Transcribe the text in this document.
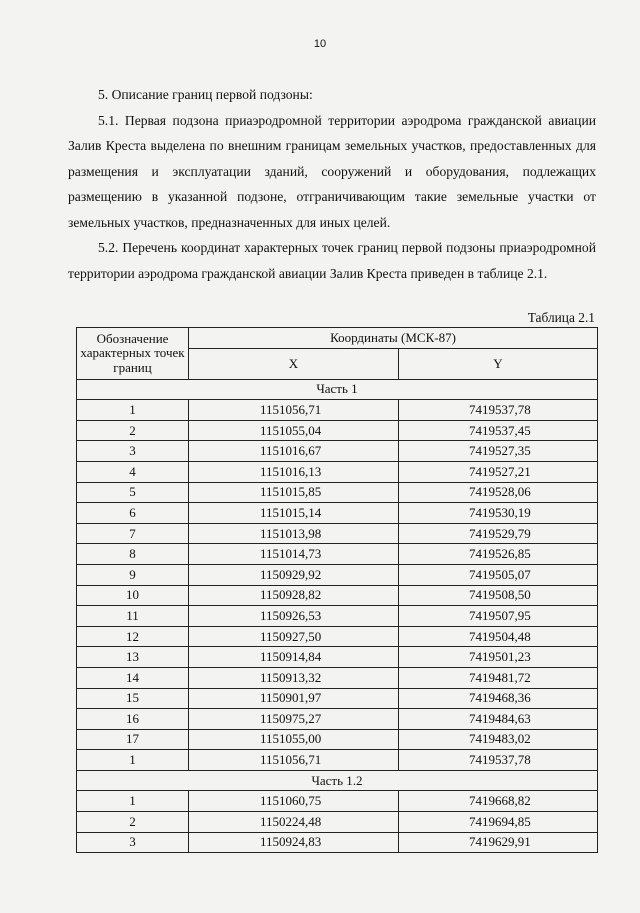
10

5. Описание границ первой подзоны:

5.1. Первая подзона приаэродромной территории аэродрома гражданской авиации Залив Креста выделена по внешним границам земельных участков, предоставленных для размещения и эксплуатации зданий, сооружений и оборудования, подлежащих размещению в указанной подзоне, отграничивающим такие земельные участки от земельных участков, предназначенных для иных целей.

5.2. Перечень координат характерных точек границ первой подзоны приаэродромной территории аэродрома гражданской авиации Залив Креста приведен в таблице 2.1.

Таблица 2.1
Обозначение характерных точек границ	Координаты (МСК-87)	
	X	Y
Часть 1		
1	1151056,71	7419537,78
2	1151055,04	7419537,45
3	1151016,67	7419527,35
4	1151016,13	7419527,21
5	1151015,85	7419528,06
6	1151015,14	7419530,19
7	1151013,98	7419529,79
8	1151014,73	7419526,85
9	1150929,92	7419505,07
10	1150928,82	7419508,50
11	1150926,53	7419507,95
12	1150927,50	7419504,48
13	1150914,84	7419501,23
14	1150913,32	7419481,72
15	1150901,97	7419468,36
16	1150975,27	7419484,63
17	1151055,00	7419483,02
1	1151056,71	7419537,78
Часть 1.2		
1	1151060,75	7419668,82
2	1150224,48	7419694,85
3	1150924,83	7419629,91
